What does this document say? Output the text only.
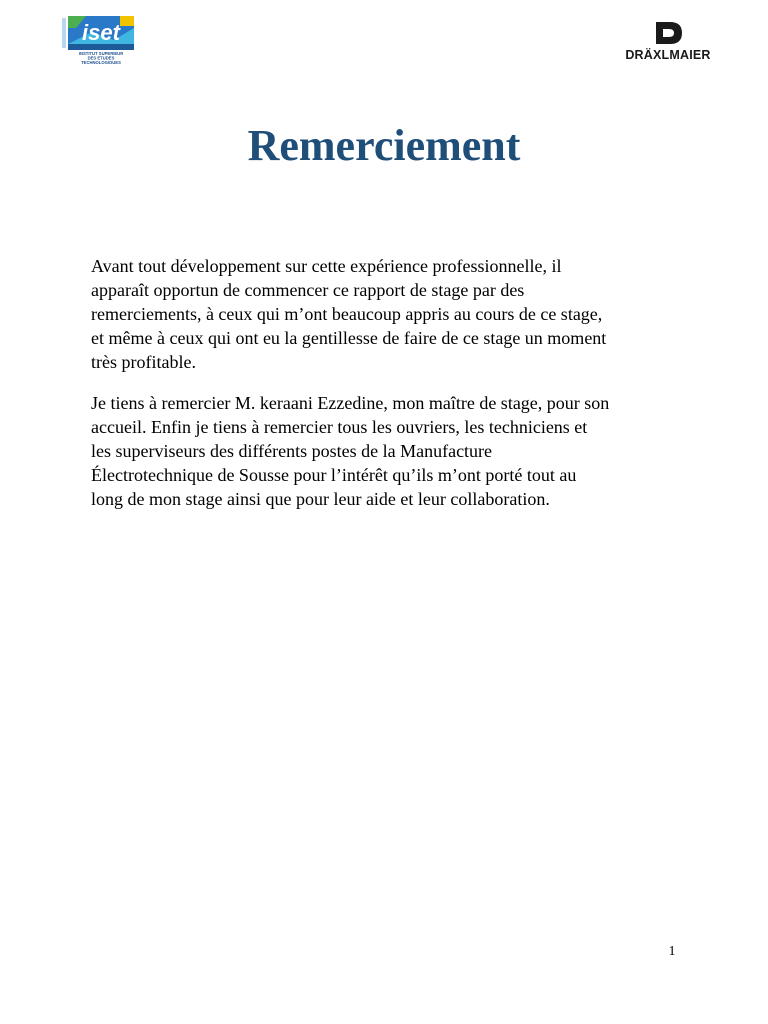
iset
INSTITUT SUPERIEUR
DES ETUDES
TECHNOLOGIQUES
DRÄXLMAIER
Remerciement

Avant tout développement sur cette expérience professionnelle, il
apparaît opportun de commencer ce rapport de stage par des
remerciements, à ceux qui m’ont beaucoup appris au cours de ce stage,
et même à ceux qui ont eu la gentillesse de faire de ce stage un moment
très profitable.

Je tiens à remercier M. keraani Ezzedine, mon maître de stage, pour son
accueil. Enfin je tiens à remercier tous les ouvriers, les techniciens et
les superviseurs des différents postes de la Manufacture
Électrotechnique de Sousse pour l’intérêt qu’ils m’ont porté tout au
long de mon stage ainsi que pour leur aide et leur collaboration.

1
